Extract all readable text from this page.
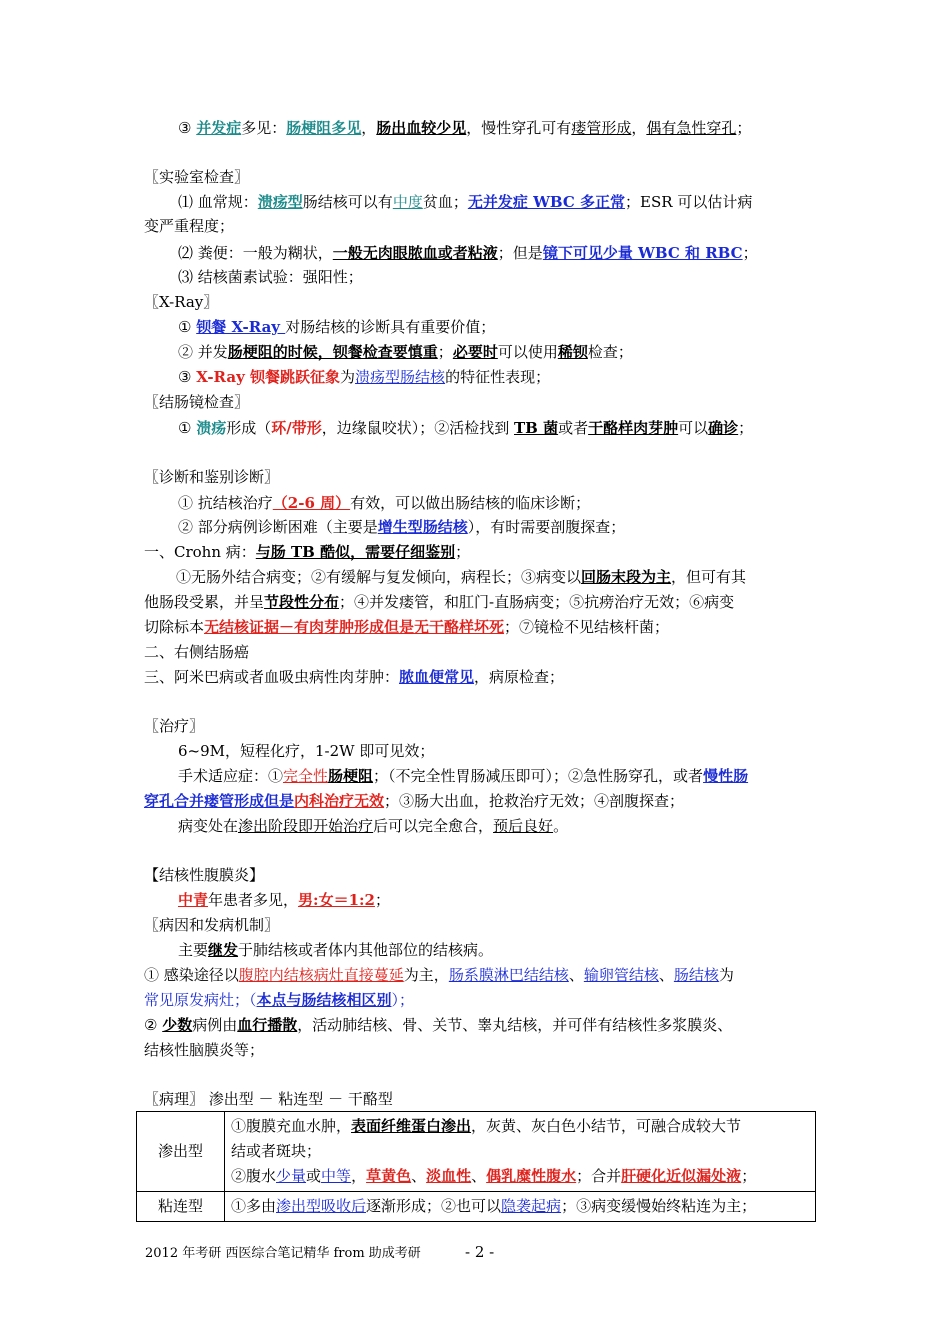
③ 并发症多见：肠梗阻多见，肠出血较少见，慢性穿孔可有瘘管形成，偶有急性穿孔；
〖实验室检查〗
⑴ 血常规：溃疡型肠结核可以有中度贫血；无并发症 WBC 多正常；ESR 可以估计病
变严重程度；
⑵ 粪便：一般为糊状，一般无肉眼脓血或者粘液；但是镜下可见少量 WBC 和 RBC；
⑶ 结核菌素试验：强阳性；
〖X-Ray〗
① 钡餐 X-Ray 对肠结核的诊断具有重要价值；
② 并发肠梗阻的时候，钡餐检查要慎重；必要时可以使用稀钡检查；
③ X-Ray 钡餐跳跃征象为溃疡型肠结核的特征性表现；
〖结肠镜检查〗
① 溃疡形成（环/带形，边缘鼠咬状）；②活检找到 TB 菌或者干酪样肉芽肿可以确诊；
〖诊断和鉴别诊断〗
① 抗结核治疗（2-6 周）有效，可以做出肠结核的临床诊断；
② 部分病例诊断困难（主要是增生型肠结核），有时需要剖腹探查；
一、Crohn 病：与肠 TB 酷似，需要仔细鉴别；
①无肠外结合病变；②有缓解与复发倾向，病程长；③病变以回肠末段为主，但可有其
他肠段受累，并呈节段性分布；④并发瘘管，和肛门-直肠病变；⑤抗痨治疗无效；⑥病变
切除标本无结核证据－有肉芽肿形成但是无干酪样坏死；⑦镜检不见结核杆菌；
二、右侧结肠癌
三、阿米巴病或者血吸虫病性肉芽肿：脓血便常见，病原检查；
〖治疗〗
6~9M，短程化疗，1-2W 即可见效；
手术适应症：①完全性肠梗阻；（不完全性胃肠减压即可）；②急性肠穿孔，或者慢性肠
穿孔合并瘘管形成但是内科治疗无效；③肠大出血，抢救治疗无效；④剖腹探查；
病变处在渗出阶段即开始治疗后可以完全愈合，预后良好。
【结核性腹膜炎】
中青年患者多见，男:女＝1:2；
〖病因和发病机制〗
主要继发于肺结核或者体内其他部位的结核病。
① 感染途径以腹腔内结核病灶直接蔓延为主，肠系膜淋巴结结核、输卵管结核、肠结核为
常见原发病灶；（本点与肠结核相区别）；
② 少数病例由血行播散，活动肺结核、骨、关节、睾丸结核，并可伴有结核性多浆膜炎、
结核性脑膜炎等；
〖病理〗 渗出型 － 粘连型 － 干酪型
渗出型	①腹膜充血水肿，表面纤维蛋白渗出，灰黄、灰白色小结节，可融合成较大节
结或者斑块；
②腹水少量或中等，草黄色、淡血性、偶乳糜性腹水；合并肝硬化近似漏处液；

粘连型	①多由渗出型吸收后逐渐形成；②也可以隐袭起病；③病变缓慢始终粘连为主；
2012 年考研 西医综合笔记精华 from 助成考研	- 2 -
